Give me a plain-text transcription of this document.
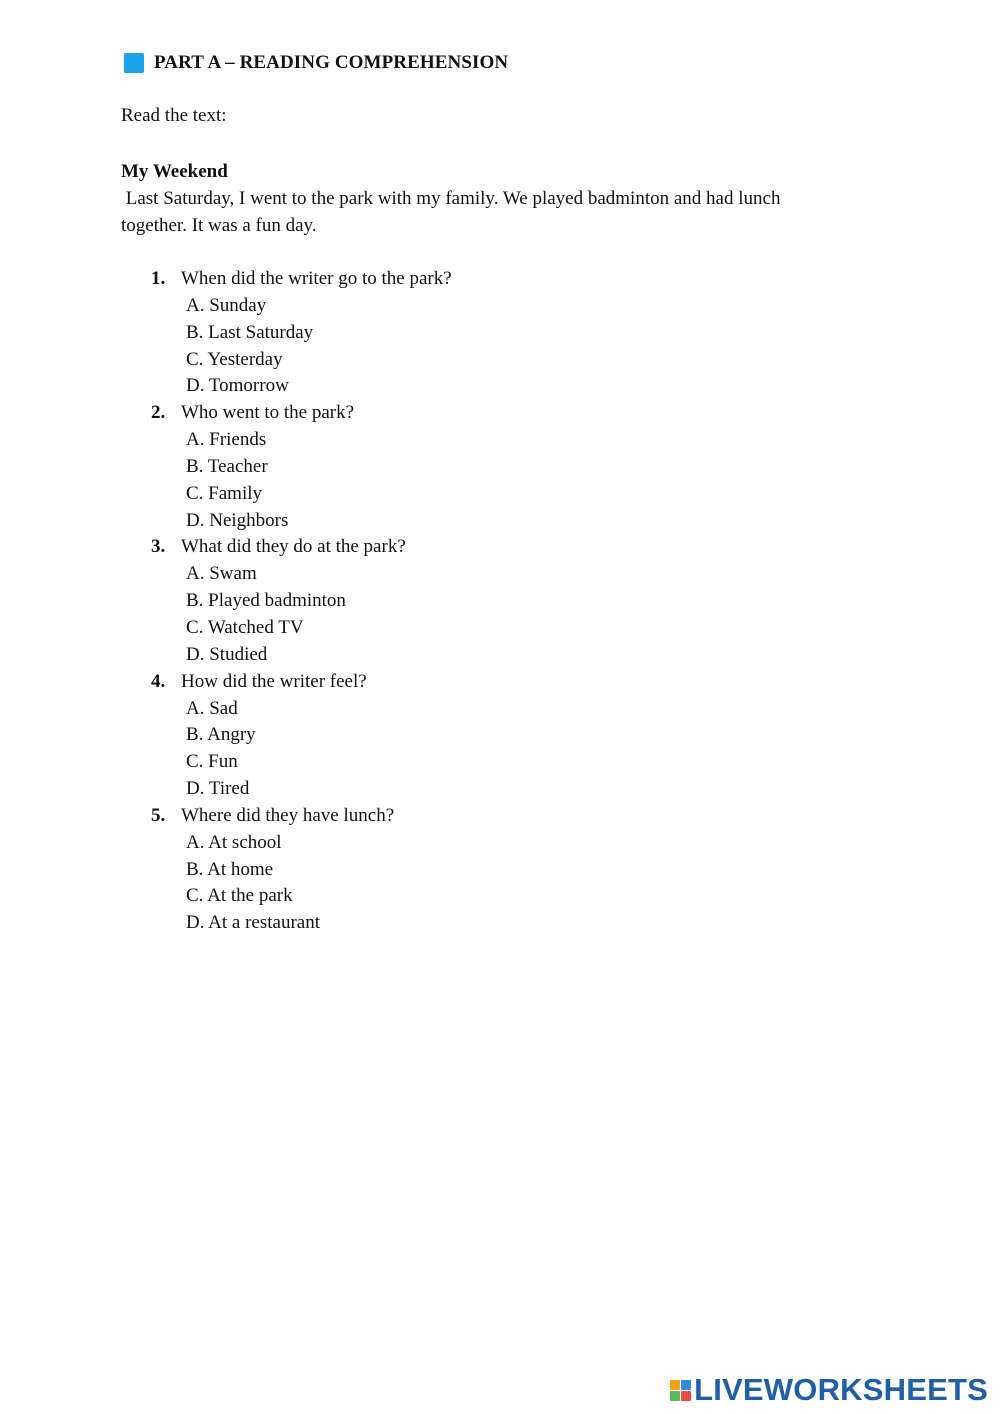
PART A – READING COMPREHENSION
Read the text:
My Weekend
Last Saturday, I went to the park with my family. We played badminton and had lunch together. It was a fun day.
1. When did the writer go to the park?
A. Sunday
B. Last Saturday
C. Yesterday
D. Tomorrow
2. Who went to the park?
A. Friends
B. Teacher
C. Family
D. Neighbors
3. What did they do at the park?
A. Swam
B. Played badminton
C. Watched TV
D. Studied
4. How did the writer feel?
A. Sad
B. Angry
C. Fun
D. Tired
5. Where did they have lunch?
A. At school
B. At home
C. At the park
D. At a restaurant
LIVEWORKSHEETS
